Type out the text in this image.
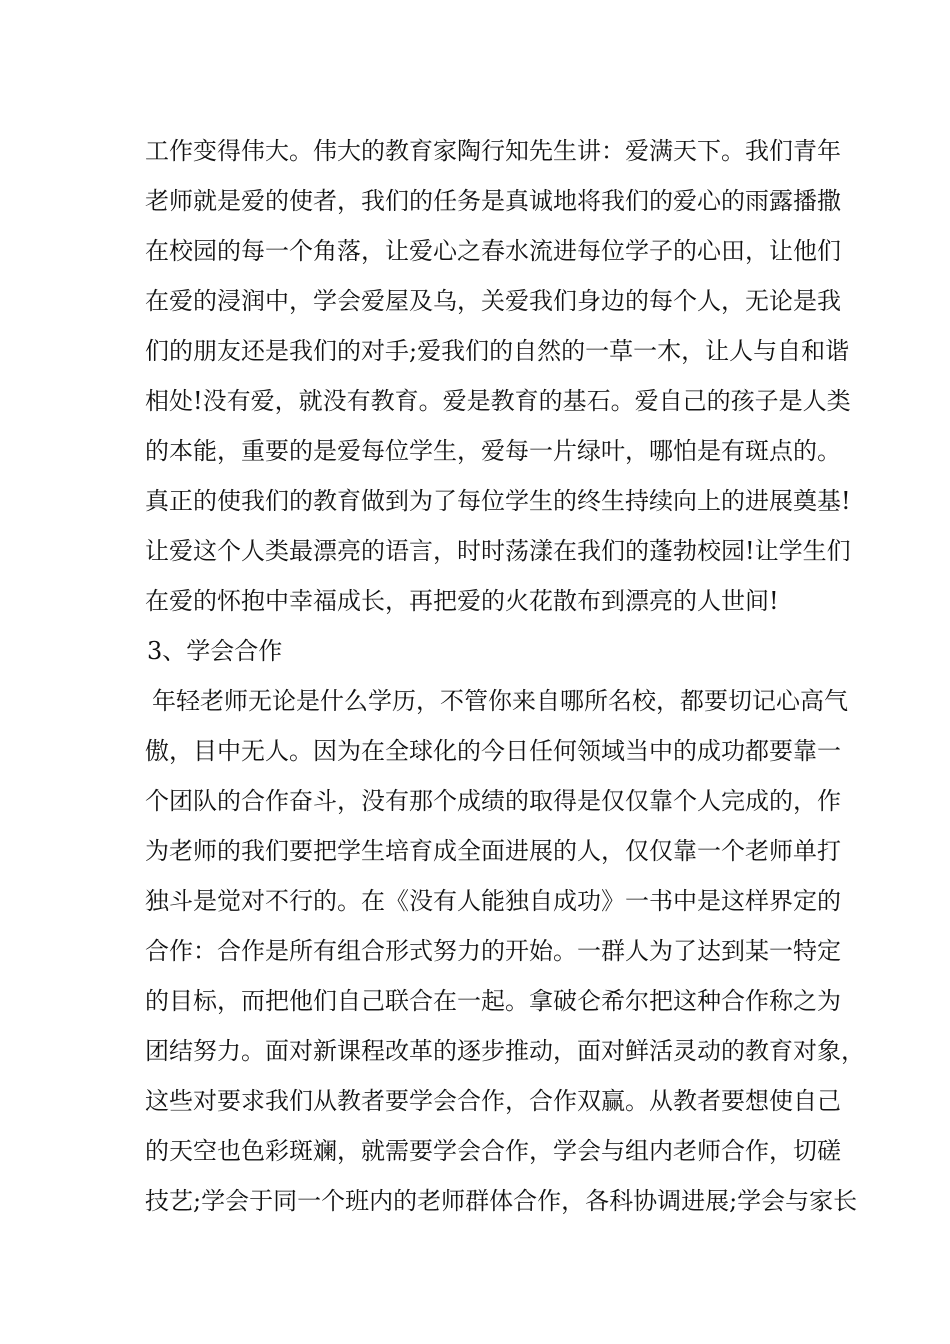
工作变得伟大。伟大的教育家陶行知先生讲：爱满天下。我们青年
老师就是爱的使者，我们的任务是真诚地将我们的爱心的雨露播撒
在校园的每一个角落，让爱心之春水流进每位学子的心田，让他们
在爱的浸润中，学会爱屋及乌，关爱我们身边的每个人，无论是我
们的朋友还是我们的对手;爱我们的自然的一草一木，让人与自和谐
相处!没有爱，就没有教育。爱是教育的基石。爱自己的孩子是人类
的本能，重要的是爱每位学生，爱每一片绿叶，哪怕是有斑点的。
真正的使我们的教育做到为了每位学生的终生持续向上的进展奠基!
让爱这个人类最漂亮的语言，时时荡漾在我们的蓬勃校园!让学生们
在爱的怀抱中幸福成长，再把爱的火花散布到漂亮的人世间!
3、学会合作
年轻老师无论是什么学历，不管你来自哪所名校，都要切记心高气
傲，目中无人。因为在全球化的今日任何领域当中的成功都要靠一
个团队的合作奋斗，没有那个成绩的取得是仅仅靠个人完成的，作
为老师的我们要把学生培育成全面进展的人，仅仅靠一个老师单打
独斗是觉对不行的。在《没有人能独自成功》一书中是这样界定的
合作：合作是所有组合形式努力的开始。一群人为了达到某一特定
的目标，而把他们自己联合在一起。拿破仑希尔把这种合作称之为
团结努力。面对新课程改革的逐步推动，面对鲜活灵动的教育对象，
这些对要求我们从教者要学会合作，合作双赢。从教者要想使自己
的天空也色彩斑斓，就需要学会合作，学会与组内老师合作，切磋
技艺;学会于同一个班内的老师群体合作，各科协调进展;学会与家长
